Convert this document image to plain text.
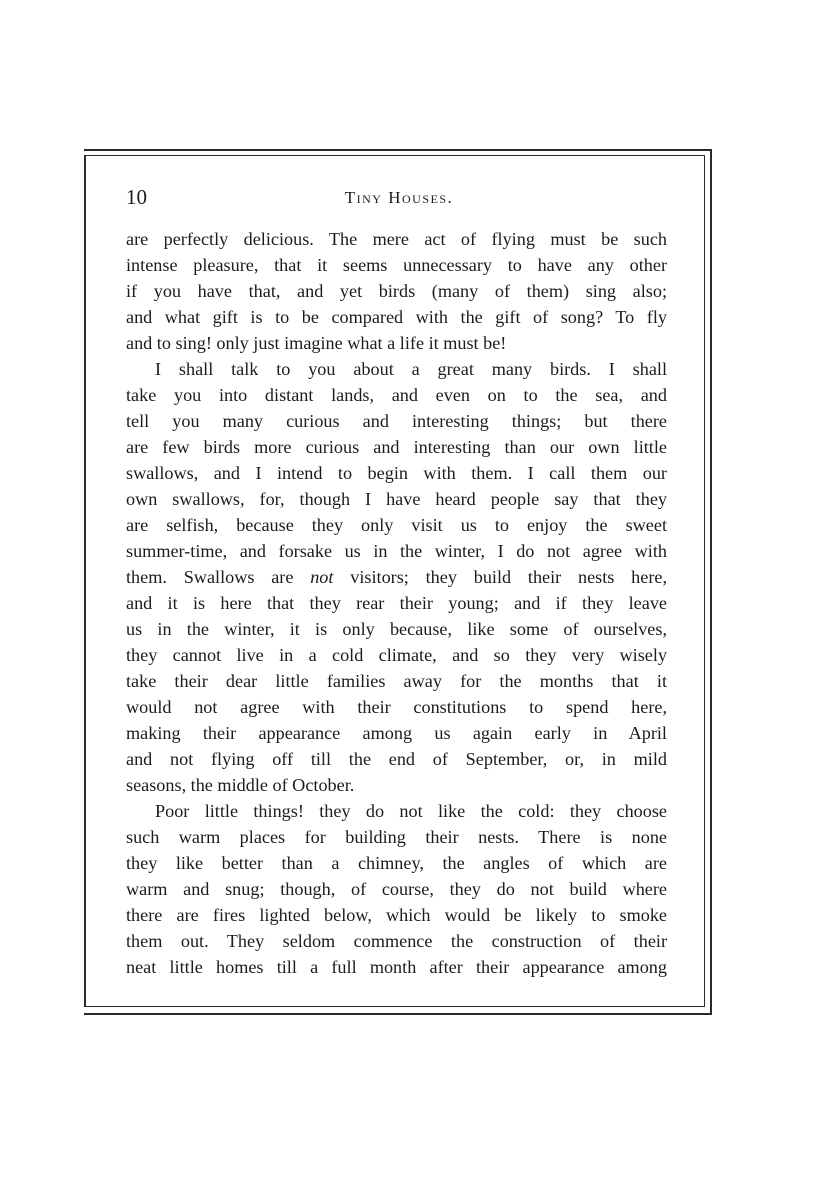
10	Tiny Houses.
are perfectly delicious. The mere act of flying must be such
intense pleasure, that it seems unnecessary to have any other
if you have that, and yet birds (many of them) sing also;
and what gift is to be compared with the gift of song? To fly
and to sing! only just imagine what a life it must be!
I shall talk to you about a great many birds. I shall
take you into distant lands, and even on to the sea, and
tell you many curious and interesting things; but there
are few birds more curious and interesting than our own little
swallows, and I intend to begin with them. I call them our
own swallows, for, though I have heard people say that they
are selfish, because they only visit us to enjoy the sweet
summer-time, and forsake us in the winter, I do not agree with
them. Swallows are not visitors; they build their nests here,
and it is here that they rear their young; and if they leave
us in the winter, it is only because, like some of ourselves,
they cannot live in a cold climate, and so they very wisely
take their dear little families away for the months that it
would not agree with their constitutions to spend here,
making their appearance among us again early in April
and not flying off till the end of September, or, in mild
seasons, the middle of October.
Poor little things! they do not like the cold: they choose
such warm places for building their nests. There is none
they like better than a chimney, the angles of which are
warm and snug; though, of course, they do not build where
there are fires lighted below, which would be likely to smoke
them out. They seldom commence the construction of their
neat little homes till a full month after their appearance among
